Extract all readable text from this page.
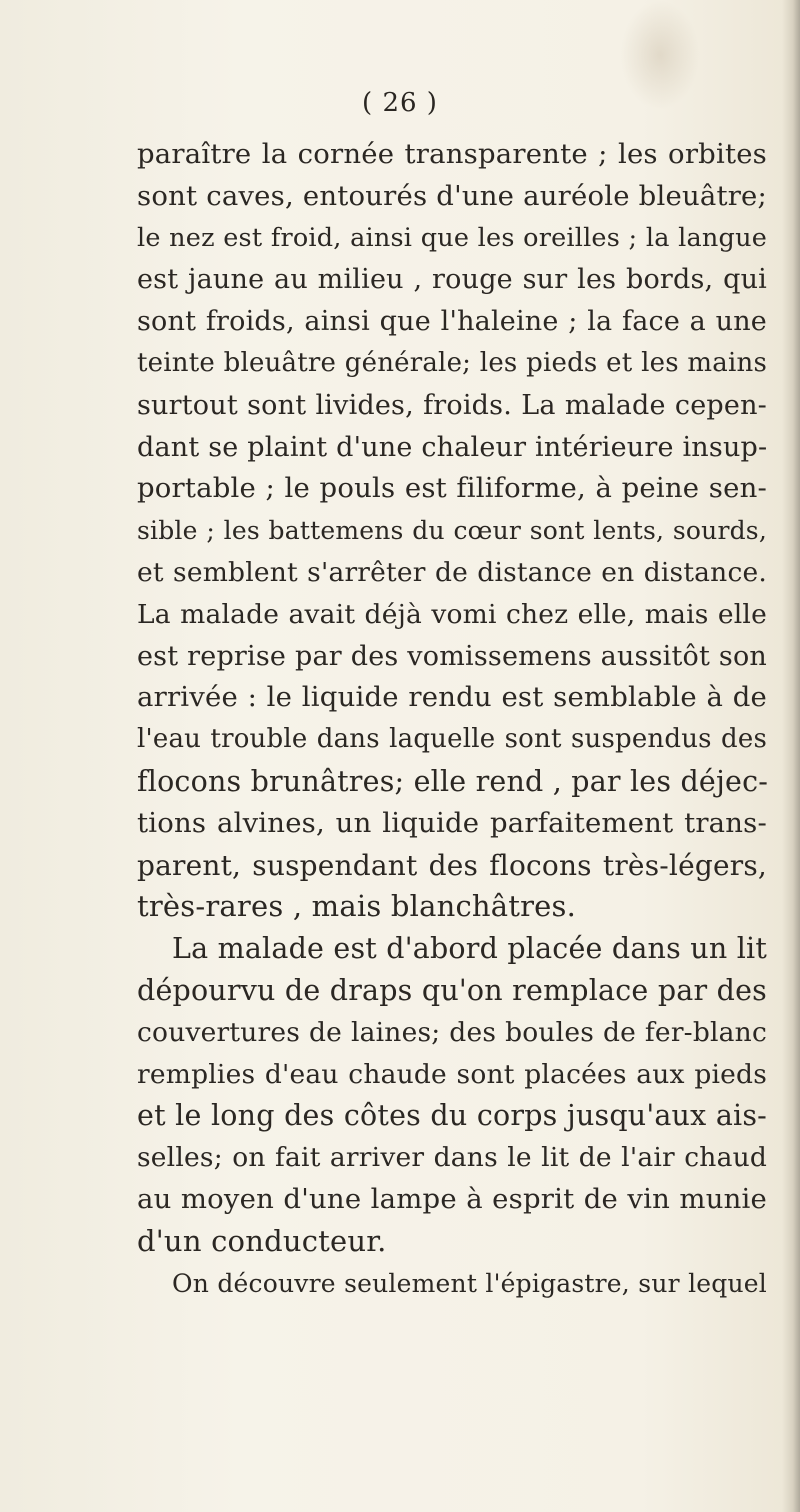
( 26 )
paraître la cornée transparente ; les orbites
sont caves, entourés d'une auréole bleuâtre;
le nez est froid, ainsi que les oreilles ; la langue
est jaune au milieu , rouge sur les bords, qui
sont froids, ainsi que l'haleine ; la face a une
teinte bleuâtre générale; les pieds et les mains
surtout sont livides, froids. La malade cepen-
dant se plaint d'une chaleur intérieure insup-
portable ; le pouls est filiforme, à peine sen-
sible ; les battemens du cœur sont lents, sourds,
et semblent s'arrêter de distance en distance.
La malade avait déjà vomi chez elle, mais elle
est reprise par des vomissemens aussitôt son
arrivée : le liquide rendu est semblable à de
l'eau trouble dans laquelle sont suspendus des
flocons brunâtres; elle rend , par les déjec-
tions alvines, un liquide parfaitement trans-
parent, suspendant des flocons très-légers,
très-rares , mais blanchâtres.
La malade est d'abord placée dans un lit
dépourvu de draps qu'on remplace par des
couvertures de laines; des boules de fer-blanc
remplies d'eau chaude sont placées aux pieds
et le long des côtes du corps jusqu'aux ais-
selles; on fait arriver dans le lit de l'air chaud
au moyen d'une lampe à esprit de vin munie
d'un conducteur.
On découvre seulement l'épigastre, sur lequel
